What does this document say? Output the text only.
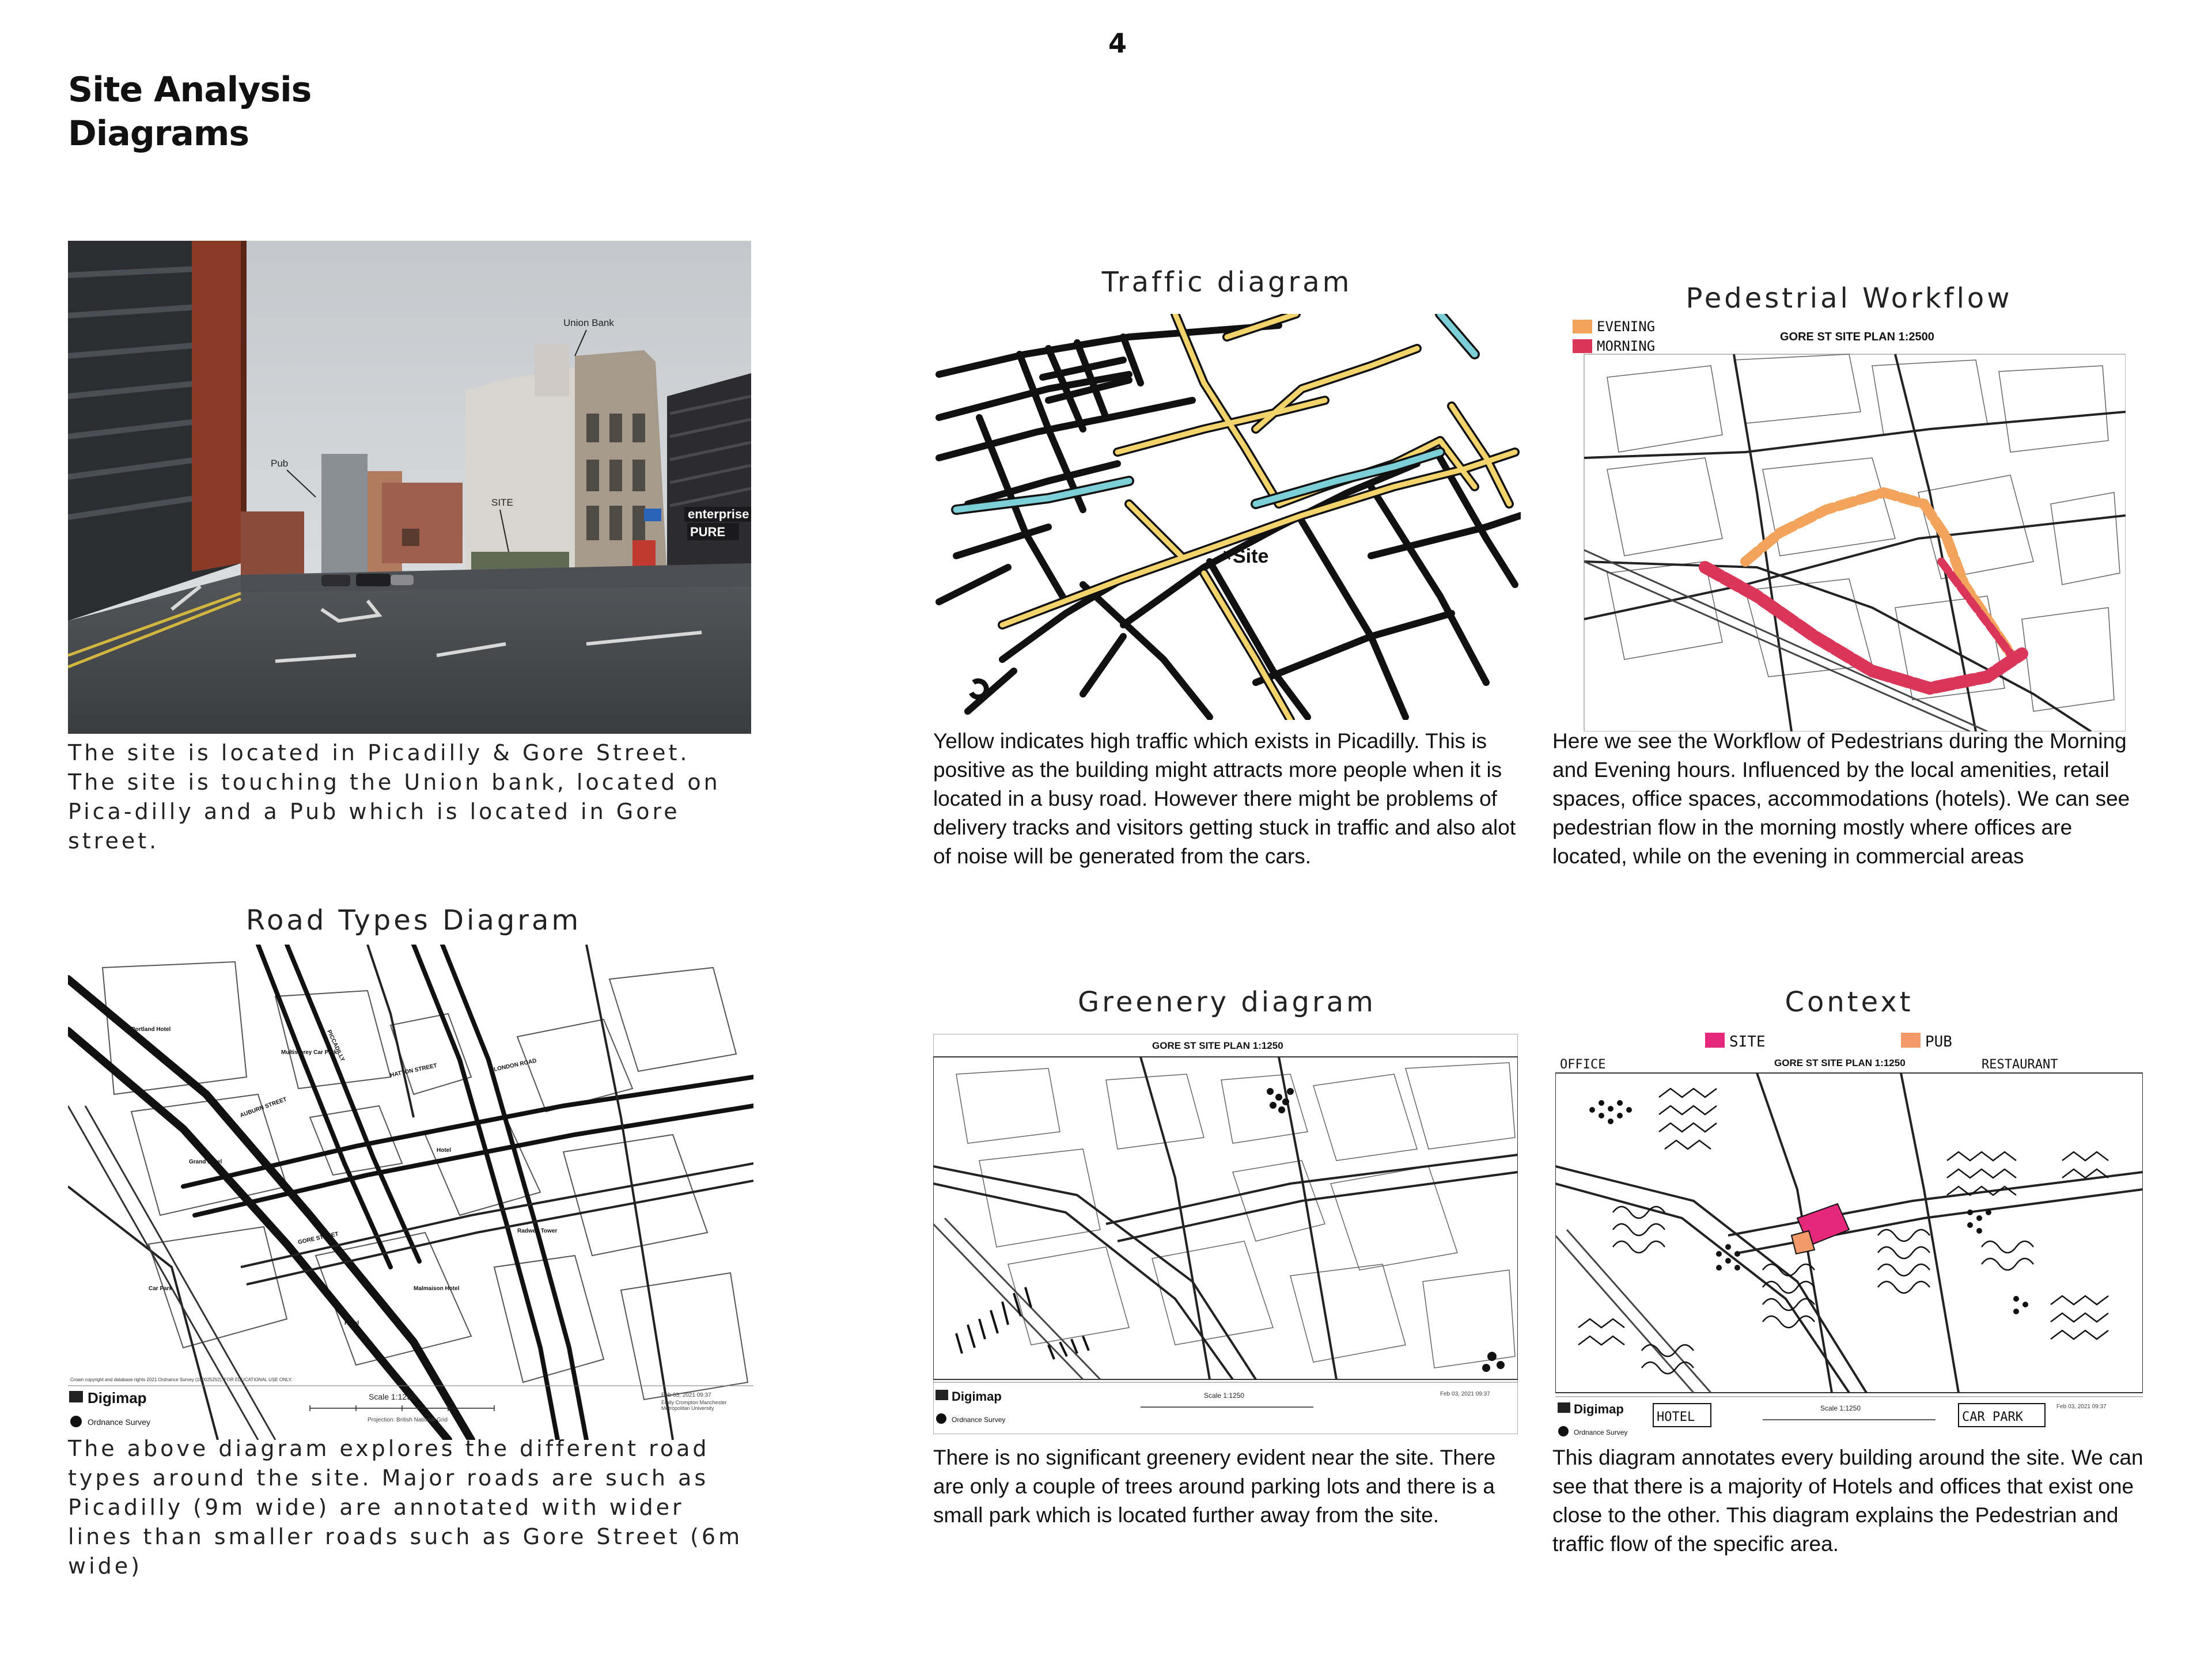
4
Site Analysis
Diagrams
enterprise
PURE
Union Bank
Pub
SITE
The site is located in Picadilly & Gore Street. The site is touching the Union bank, located on Pica-dilly and a Pub which is located in Gore street.
Road Types Diagram
Portland Hotel
Multistorey Car Park
Grand Hotel
Hotel
Malmaison Hotel
Radwell Tower
Car Park
Hotel
PICCADILLY
HATTON STREET
GORE STREET
LONDON ROAD
AUBURN STREET
Crown copyright and database rights 2021 Ordnance Survey (100025252). FOR EDUCATIONAL USE ONLY.
Digimap
Ordnance Survey
Scale 1:1250
Projection: British National Grid
Feb 03, 2021 09:37
Emily Crompton Manchester Metropolitan University
The above diagram explores the different road types around the site. Major roads are such as Picadilly (9m wide) are annotated with wider lines than smaller roads such as Gore Street (6m wide)
Traffic diagram
Site
Yellow indicates high traffic which exists in Picadilly. This is positive as the building might attracts more people when it is located in a busy road. However there might be problems of delivery tracks and visitors getting stuck in traffic and also alot of noise will be generated from the cars.
Pedestrial Workflow
EVENING
MORNING
GORE ST SITE PLAN 1:2500
Here we see the Workflow of Pedestrians during the Morning and Evening hours. Influenced by the local amenities, retail spaces, office spaces, accommodations (hotels). We can see pedestrian flow in the morning mostly where offices are located, while on the evening in commercial areas
Greenery diagram
GORE ST SITE PLAN 1:1250
Digimap
Ordnance Survey
Scale 1:1250	Feb 03, 2021 09:37
There is no significant greenery evident near the site. There are only a couple of trees around parking lots and there is a small park which is located further away from the site.
Context
SITE	PUB
OFFICE	RESTAURANT
GORE ST SITE PLAN 1:1250
Digimap
Ordnance Survey
HOTEL
Scale 1:1250
CAR PARK
Feb 03, 2021 09:37
This diagram annotates every building around the site. We can see that there is a majority of Hotels and offices that exist one close to the other. This diagram explains the Pedestrian and traffic flow of the specific area.
